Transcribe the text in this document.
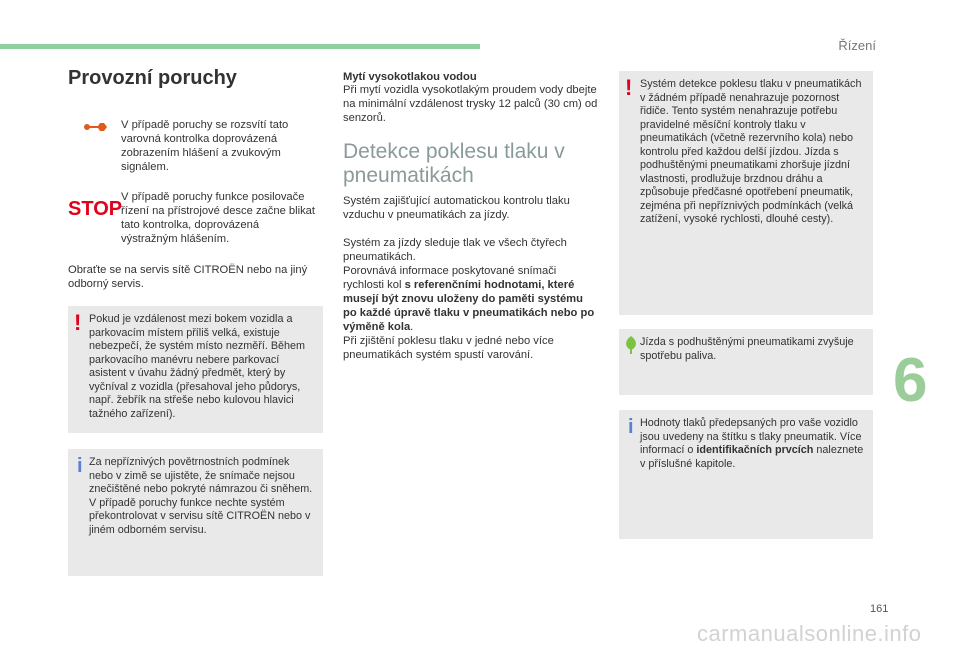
Řízení
6
161
carmanualsonline.info
Provozní poruchy
V případě poruchy se rozsvítí tato varovná kontrolka doprovázená zobrazením hlášení a zvukovým signálem.
STOP
V případě poruchy funkce posilovače řízení na přístrojové desce začne blikat tato kontrolka, doprovázená výstražným hlášením.
Obraťte se na servis sítě CITROËN nebo na jiný odborný servis.
! Pokud je vzdálenost mezi bokem vozidla a parkovacím místem příliš velká, existuje nebezpečí, že systém místo nezměří. Během parkovacího manévru nebere parkovací asistent v úvahu žádný předmět, který by vyčníval z vozidla (přesahoval jeho půdorys, např. žebřík na střeše nebo kulovou hlavici tažného zařízení).
i Za nepříznivých povětrnostních podmínek nebo v zimě se ujistěte, že snímače nejsou znečištěné nebo pokryté námrazou či sněhem. V případě poruchy funkce nechte systém překontrolovat v servisu sítě CITROËN nebo v jiném odborném servisu.
Mytí vysokotlakou vodou
Při mytí vozidla vysokotlakým proudem vody dbejte na minimální vzdálenost trysky 12 palců (30 cm) od senzorů.
Detekce poklesu tlaku v pneumatikách
Systém zajišťující automatickou kontrolu tlaku vzduchu v pneumatikách za jízdy.
Systém za jízdy sleduje tlak ve všech čtyřech pneumatikách.
Porovnává informace poskytované snímači rychlosti kol s referenčními hodnotami, které musejí být znovu uloženy do paměti systému po každé úpravě tlaku v pneumatikách nebo po výměně kola.
Při zjištění poklesu tlaku v jedné nebo více pneumatikách systém spustí varování.
! Systém detekce poklesu tlaku v pneumatikách v žádném případě nenahrazuje pozornost řidiče. Tento systém nenahrazuje potřebu pravidelné měsíční kontroly tlaku v pneumatikách (včetně rezervního kola) nebo kontrolu před každou delší jízdou. Jízda s podhuštěnými pneumatikami zhoršuje jízdní vlastnosti, prodlužuje brzdnou dráhu a způsobuje předčasné opotřebení pneumatik, zejména při nepříznivých podmínkách (velká zatížení, vysoké rychlosti, dlouhé cesty).
Jízda s podhuštěnými pneumatikami zvyšuje spotřebu paliva.
i Hodnoty tlaků předepsaných pro vaše vozidlo jsou uvedeny na štítku s tlaky pneumatik. Více informací o identifikačních prvcích naleznete v příslušné kapitole.
